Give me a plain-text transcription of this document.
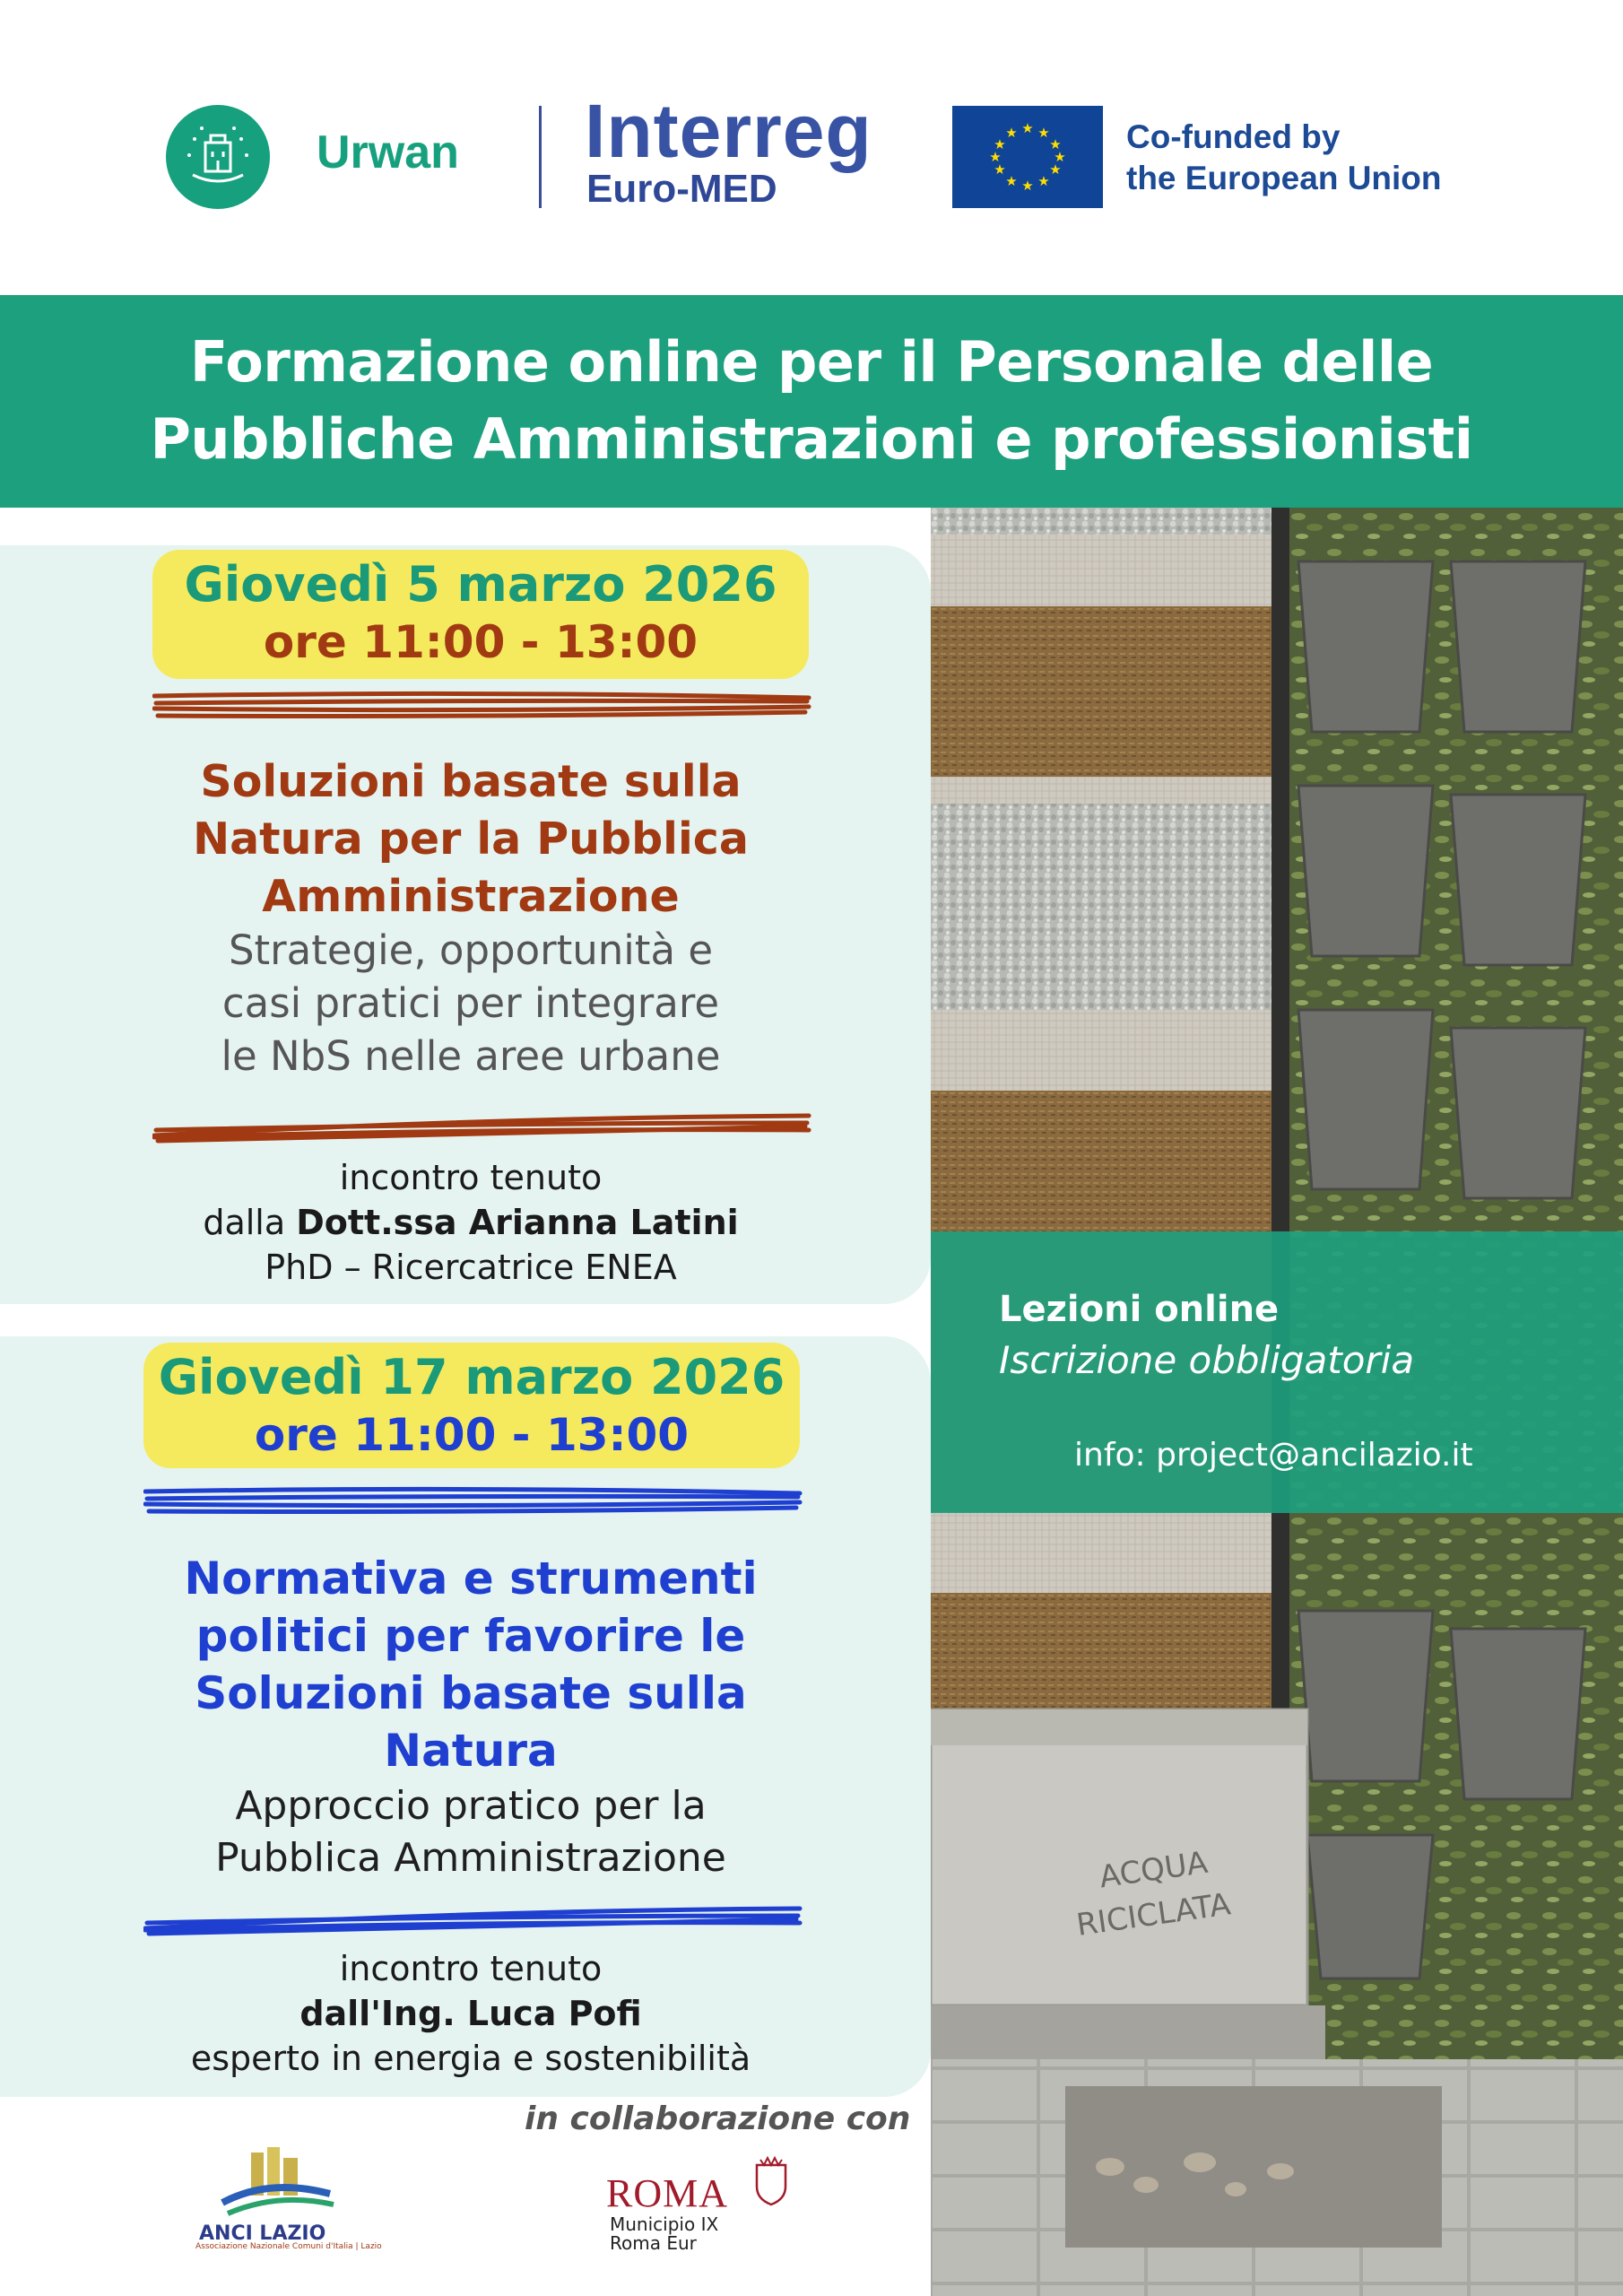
Urwan Interreg
Euro-MED
★ ★
★
★
★
★
★
★
★
★
★
★	Co-funded by
the European Union
Formazione online per il Personale delle
Pubbliche Amministrazioni e professionisti
ACQUA
RICICLATA
Lezioni online
Iscrizione obbligatoria
info: project@ancilazio.it
Giovedì 5 marzo 2026
ore 11:00 - 13:00
Soluzioni basate sulla
Natura per la Pubblica
Amministrazione
Strategie, opportunità e
casi pratici per integrare
le NbS nelle aree urbane
incontro tenuto
dalla Dott.ssa Arianna Latini
PhD – Ricercatrice ENEA
Giovedì 17 marzo 2026
ore 11:00 - 13:00
Normativa e strumenti
politici per favorire le
Soluzioni basate sulla
Natura
Approccio pratico per la
Pubblica Amministrazione
incontro tenuto
dall'Ing. Luca Pofi
esperto in energia e sostenibilità
in collaborazione con
ANCI LAZIO
Associazione Nazionale Comuni d'Italia | Lazio
ROMA
Municipio IX
Roma Eur
